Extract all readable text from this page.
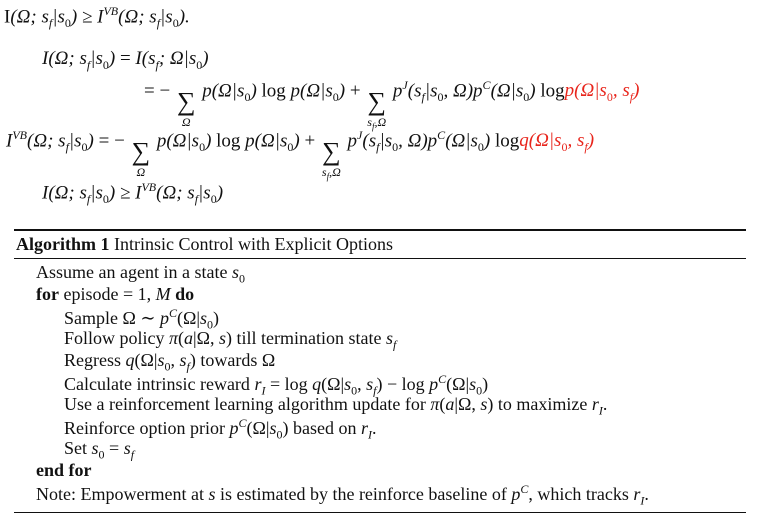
I(Ω; $s_f|s_0) \ge I^{VB}(\Omega$; $s_f|s_0$).
I(Ω; $s_f|s_0) = I(s_f$; $\Omega|s_0$)
= − ∑
Ω
$p(\Omega|s_0)$ $\log p(\Omega|s_0)$ + ∑
$s_f,\Omega$
$p^J(s_f|s_0$, $\Omega)p^C(\Omega|s_0)$ $\log p(\Omega|s_0$, $s_f$)
$I^{VB}(\Omega$; $s_f|s_0$) = − ∑
Ω
$p(\Omega|s_0)$ $\log p(\Omega|s_0)$ + ∑
$s_f,\Omega$
$p^J(s_f|s_0$, $\Omega)p^C(\Omega|s_0)$ $\log q(\Omega|s_0$, $s_f$)
I(Ω; $s_f|s_0) \ge I^{VB}(\Omega$; $s_f|s_0$)
Algorithm 1 Intrinsic Control with Explicit Options
Assume an agent in a state $s_0$
for episode = 1, M do
Sample Ω ∼ $p^C(\Omega|s_0)$
Follow policy π(a|Ω, s) till termination state $s_f$
Regress $q(\Omega|s_0$, $s_f$) towards Ω
Calculate intrinsic reward $r_I = \log q(\Omega|s_0$, $s_f) - \log p^C(\Omega|s_0)$
Use a reinforcement learning algorithm update for π(a|Ω, s) to maximize $r_I$.
Reinforce option prior $p^C(\Omega|s_0)$ based on $r_I$.
Set $s_0 = s_f$
end for
Note: Empowerment at s is estimated by the reinforce baseline of $p^C$, which tracks $r_I$.
